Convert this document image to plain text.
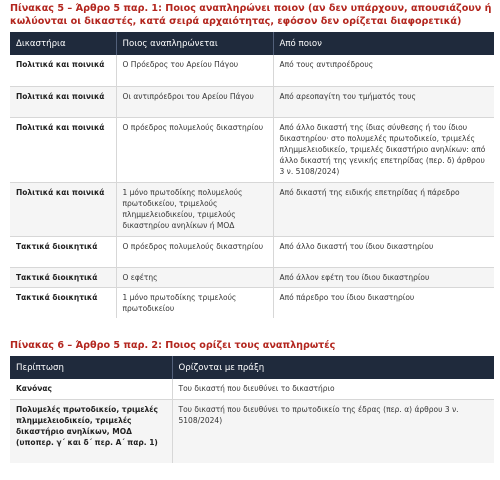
Πίνακας 5 – Άρθρο 5 παρ. 1: Ποιος αναπληρώνει ποιον (αν δεν υπάρχουν, απουσιάζουν ή κωλύονται οι δικαστές, κατά σειρά αρχαιότητας, εφόσον δεν ορίζεται διαφορετικά)
Δικαστήρια	Ποιος αναπληρώνεται	Από ποιον
Πολιτικά και ποινικά	Ο Πρόεδρος του Αρείου Πάγου	Από τους αντιπροέδρους
Πολιτικά και ποινικά	Οι αντιπρόεδροι του Αρείου Πάγου	Από αρεοπαγίτη του τμήματός τους
Πολιτικά και ποινικά	Ο πρόεδρος πολυμελούς δικαστηρίου	Από άλλο δικαστή της ίδιας σύνθεσης ή του ίδιου δικαστηρίου· στο πολυμελές πρωτοδικείο, τριμελές πλημμελειοδικείο, τριμελές δικαστήριο ανηλίκων: από άλλο δικαστή της γενικής επετηρίδας (περ. δ) άρθρου 3 ν. 5108/2024)
Πολιτικά και ποινικά	1 μόνο πρωτοδίκης πολυμελούς πρωτοδικείου, τριμελούς πλημμελειοδικείου, τριμελούς δικαστηρίου ανηλίκων ή ΜΟΔ	Από δικαστή της ειδικής επετηρίδας ή πάρεδρο
Τακτικά διοικητικά	Ο πρόεδρος πολυμελούς δικαστηρίου	Από άλλο δικαστή του ίδιου δικαστηρίου
Τακτικά διοικητικά	Ο εφέτης	Από άλλον εφέτη του ίδιου δικαστηρίου
Τακτικά διοικητικά	1 μόνο πρωτοδίκης τριμελούς πρωτοδικείου	Από πάρεδρο του ίδιου δικαστηρίου
Πίνακας 6 – Άρθρο 5 παρ. 2: Ποιος ορίζει τους αναπληρωτές
Περίπτωση	Ορίζονται με πράξη
Κανόνας	Του δικαστή που διευθύνει το δικαστήριο
Πολυμελές πρωτοδικείο, τριμελές πλημμελειοδικείο, τριμελές δικαστήριο ανηλίκων, ΜΟΔ (υποπερ. γ΄ και δ΄ περ. Α΄ παρ. 1)	Του δικαστή που διευθύνει το πρωτοδικείο της έδρας (περ. α) άρθρου 3 ν. 5108/2024)
